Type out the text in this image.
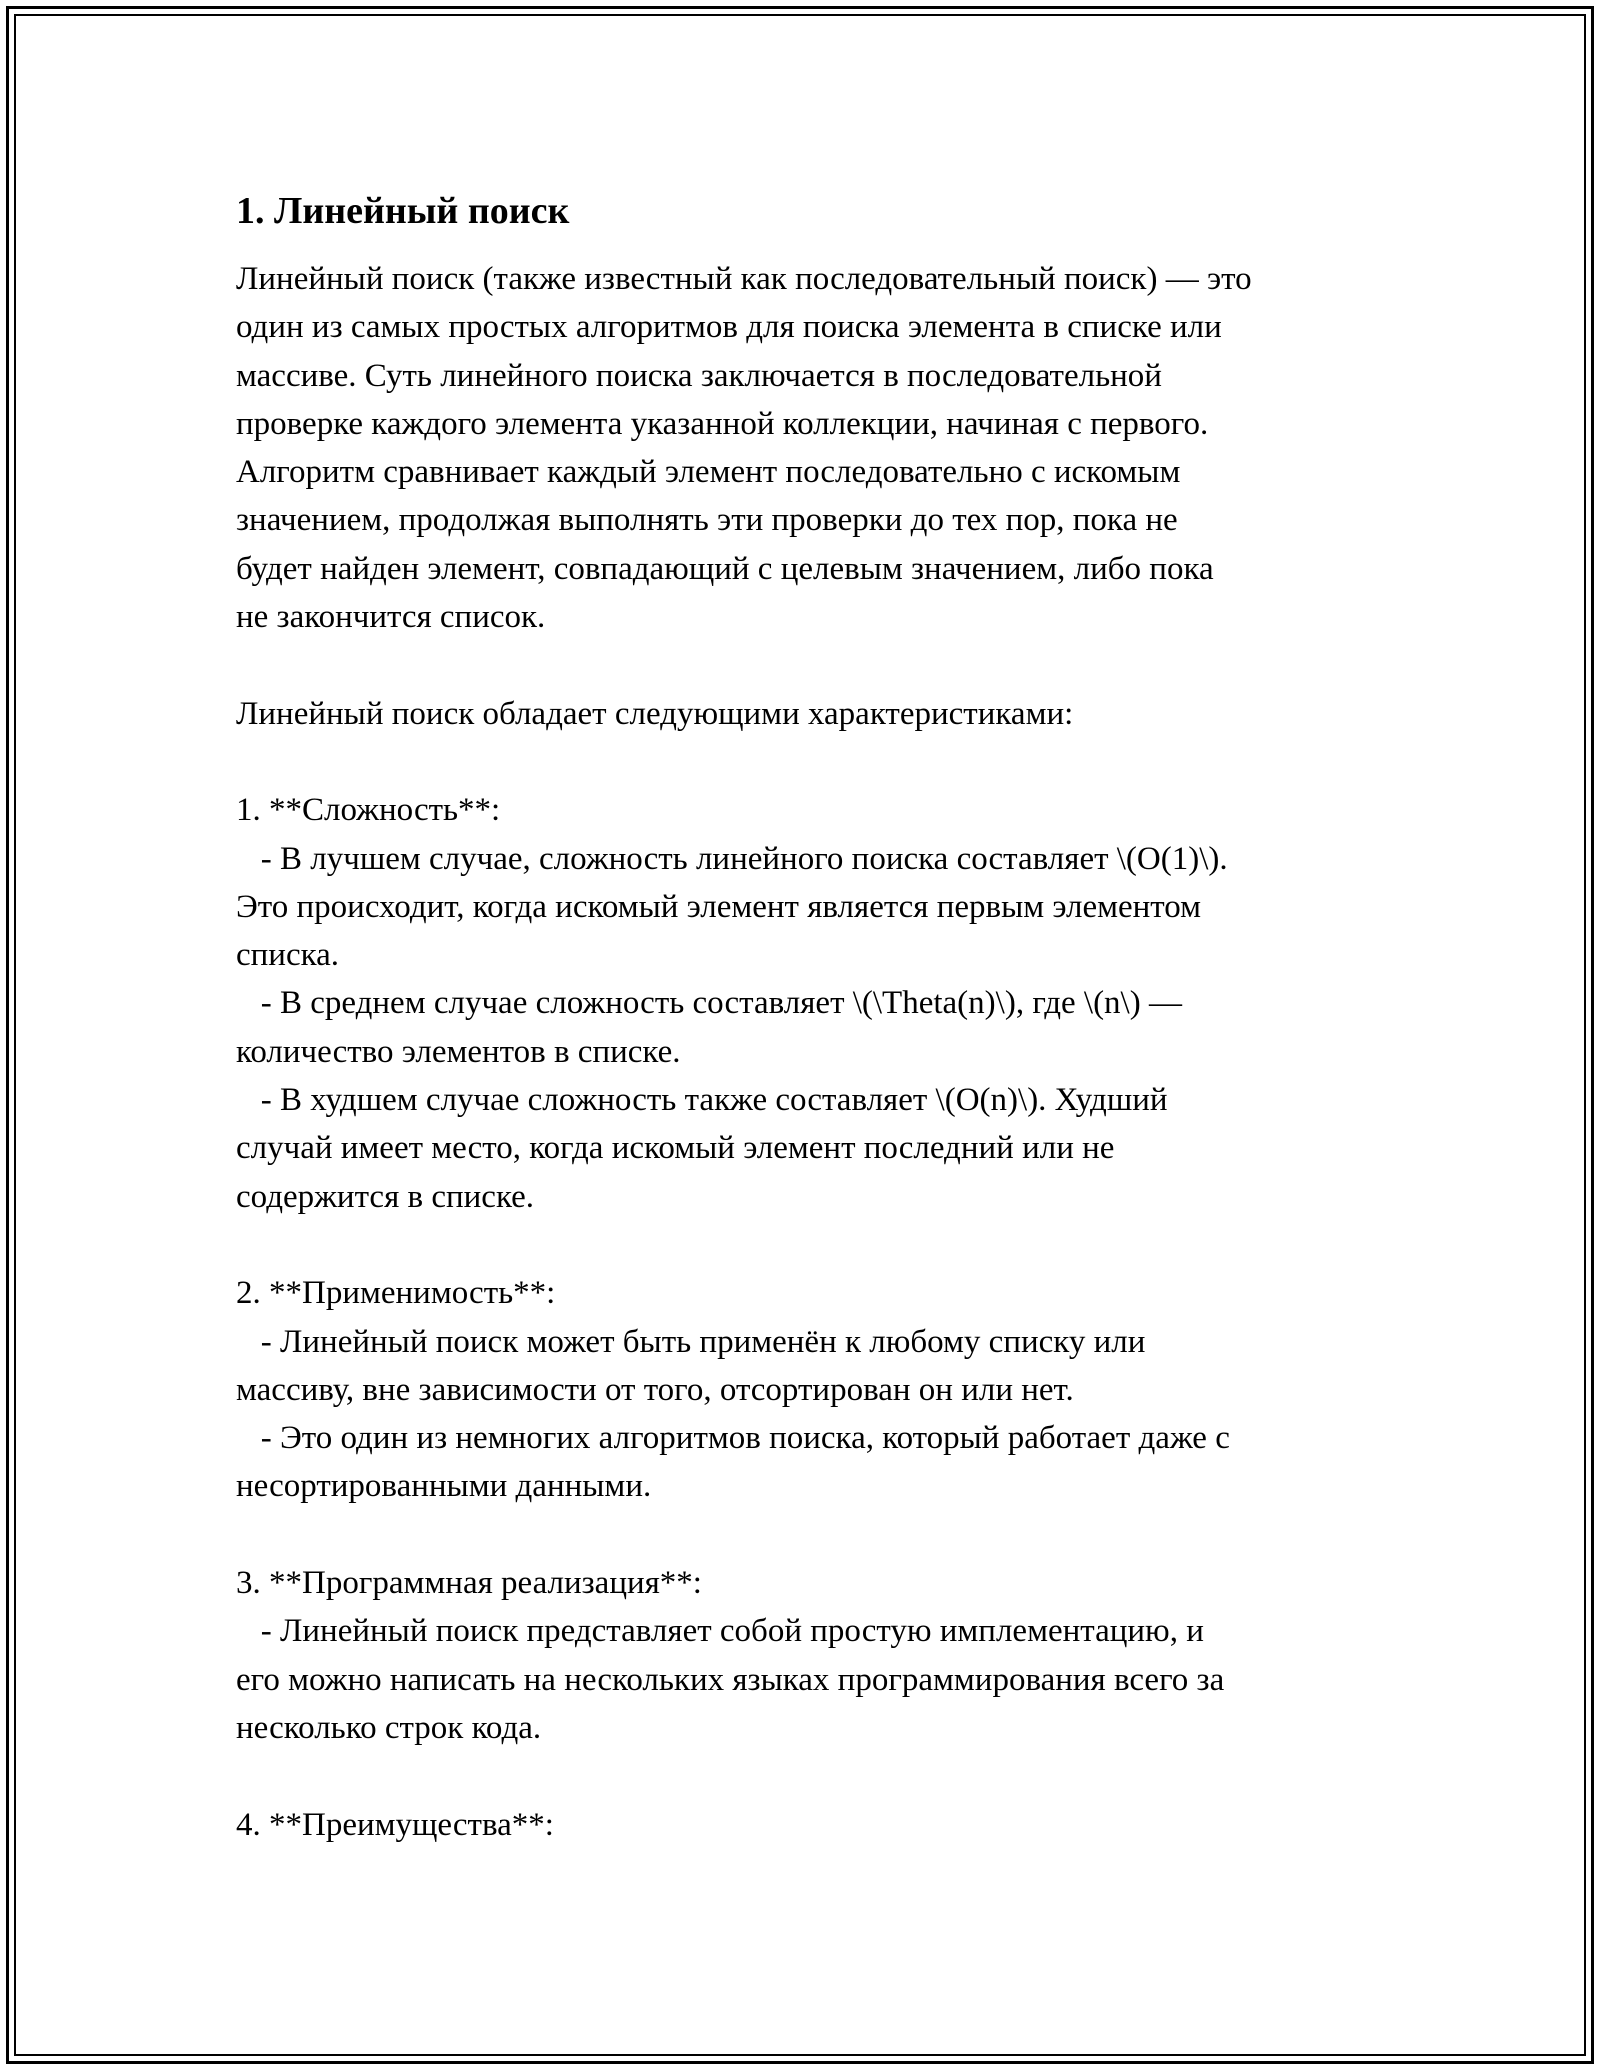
1. Линейный поиск
Линейный поиск (также известный как последовательный поиск) — это
один из самых простых алгоритмов для поиска элемента в списке или
массиве. Суть линейного поиска заключается в последовательной
проверке каждого элемента указанной коллекции, начиная с первого.
Алгоритм сравнивает каждый элемент последовательно с искомым
значением, продолжая выполнять эти проверки до тех пор, пока не
будет найден элемент, совпадающий с целевым значением, либо пока
не закончится список.
Линейный поиск обладает следующими характеристиками:
1. **Сложность**:
- В лучшем случае, сложность линейного поиска составляет \(O(1)\).
Это происходит, когда искомый элемент является первым элементом
списка.
- В среднем случае сложность составляет \(\Theta(n)\), где \(n\) —
количество элементов в списке.
- В худшем случае сложность также составляет \(O(n)\). Худший
случай имеет место, когда искомый элемент последний или не
содержится в списке.
2. **Применимость**:
- Линейный поиск может быть применён к любому списку или
массиву, вне зависимости от того, отсортирован он или нет.
- Это один из немногих алгоритмов поиска, который работает даже с
несортированными данными.
3. **Программная реализация**:
- Линейный поиск представляет собой простую имплементацию, и
его можно написать на нескольких языках программирования всего за
несколько строк кода.
4. **Преимущества**:
